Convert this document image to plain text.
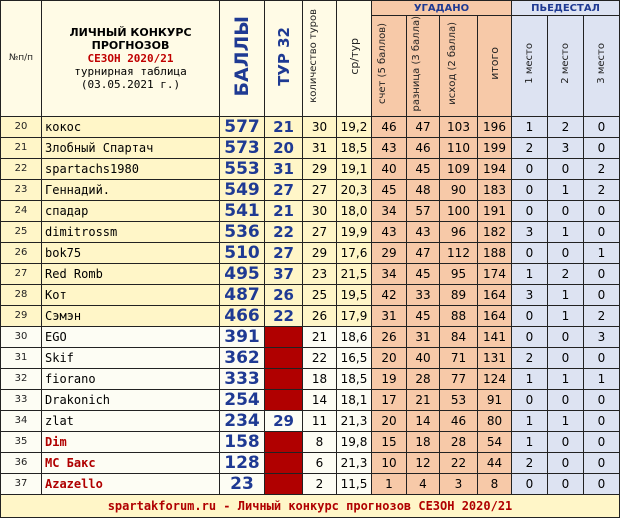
№п/п	ЛИЧНЫЙ КОНКУРС
ПРОГНОЗОВ
СЕЗОН 2020/21
турнирная таблица
(03.05.2021 г.)	БАЛЛЫ	ТУР 32	количество туров	ср/тур	УГАДАНО				ПЬЕДЕСТАЛ		
						счет (5 баллов)	разница (3 балла)	исход (2 балла)	итого	1 место	2 место	3 место
20	кокос	577	21	30	19,2	46	47	103	196	1	2	0
21	Злобный Спартач	573	20	31	18,5	43	46	110	199	2	3	0
22	spartachs1980	553	31	29	19,1	40	45	109	194	0	0	2
23	Геннадий.	549	27	27	20,3	45	48	90	183	0	1	2
24	спадар	541	21	30	18,0	34	57	100	191	0	0	0
25	dimitrossm	536	22	27	19,9	43	43	96	182	3	1	0
26	bok75	510	27	29	17,6	29	47	112	188	0	0	1
27	Red Romb	495	37	23	21,5	34	45	95	174	1	2	0
28	Кот	487	26	25	19,5	42	33	89	164	3	1	0
29	Сэмэн	466	22	26	17,9	31	45	88	164	0	1	2
30	EGO	391		21	18,6	26	31	84	141	0	0	3
31	Skif	362		22	16,5	20	40	71	131	2	0	0
32	fiorano	333		18	18,5	19	28	77	124	1	1	1
33	Drakonich	254		14	18,1	17	21	53	91	0	0	0
34	zlat	234	29	11	21,3	20	14	46	80	1	1	0
35	Dim	158		8	19,8	15	18	28	54	1	0	0
36	MC Бакс	128		6	21,3	10	12	22	44	2	0	0
37	Azazello	23		2	11,5	1	4	3	8	0	0	0
spartakforum.ru - Личный конкурс прогнозов СЕЗОН 2020/21												
